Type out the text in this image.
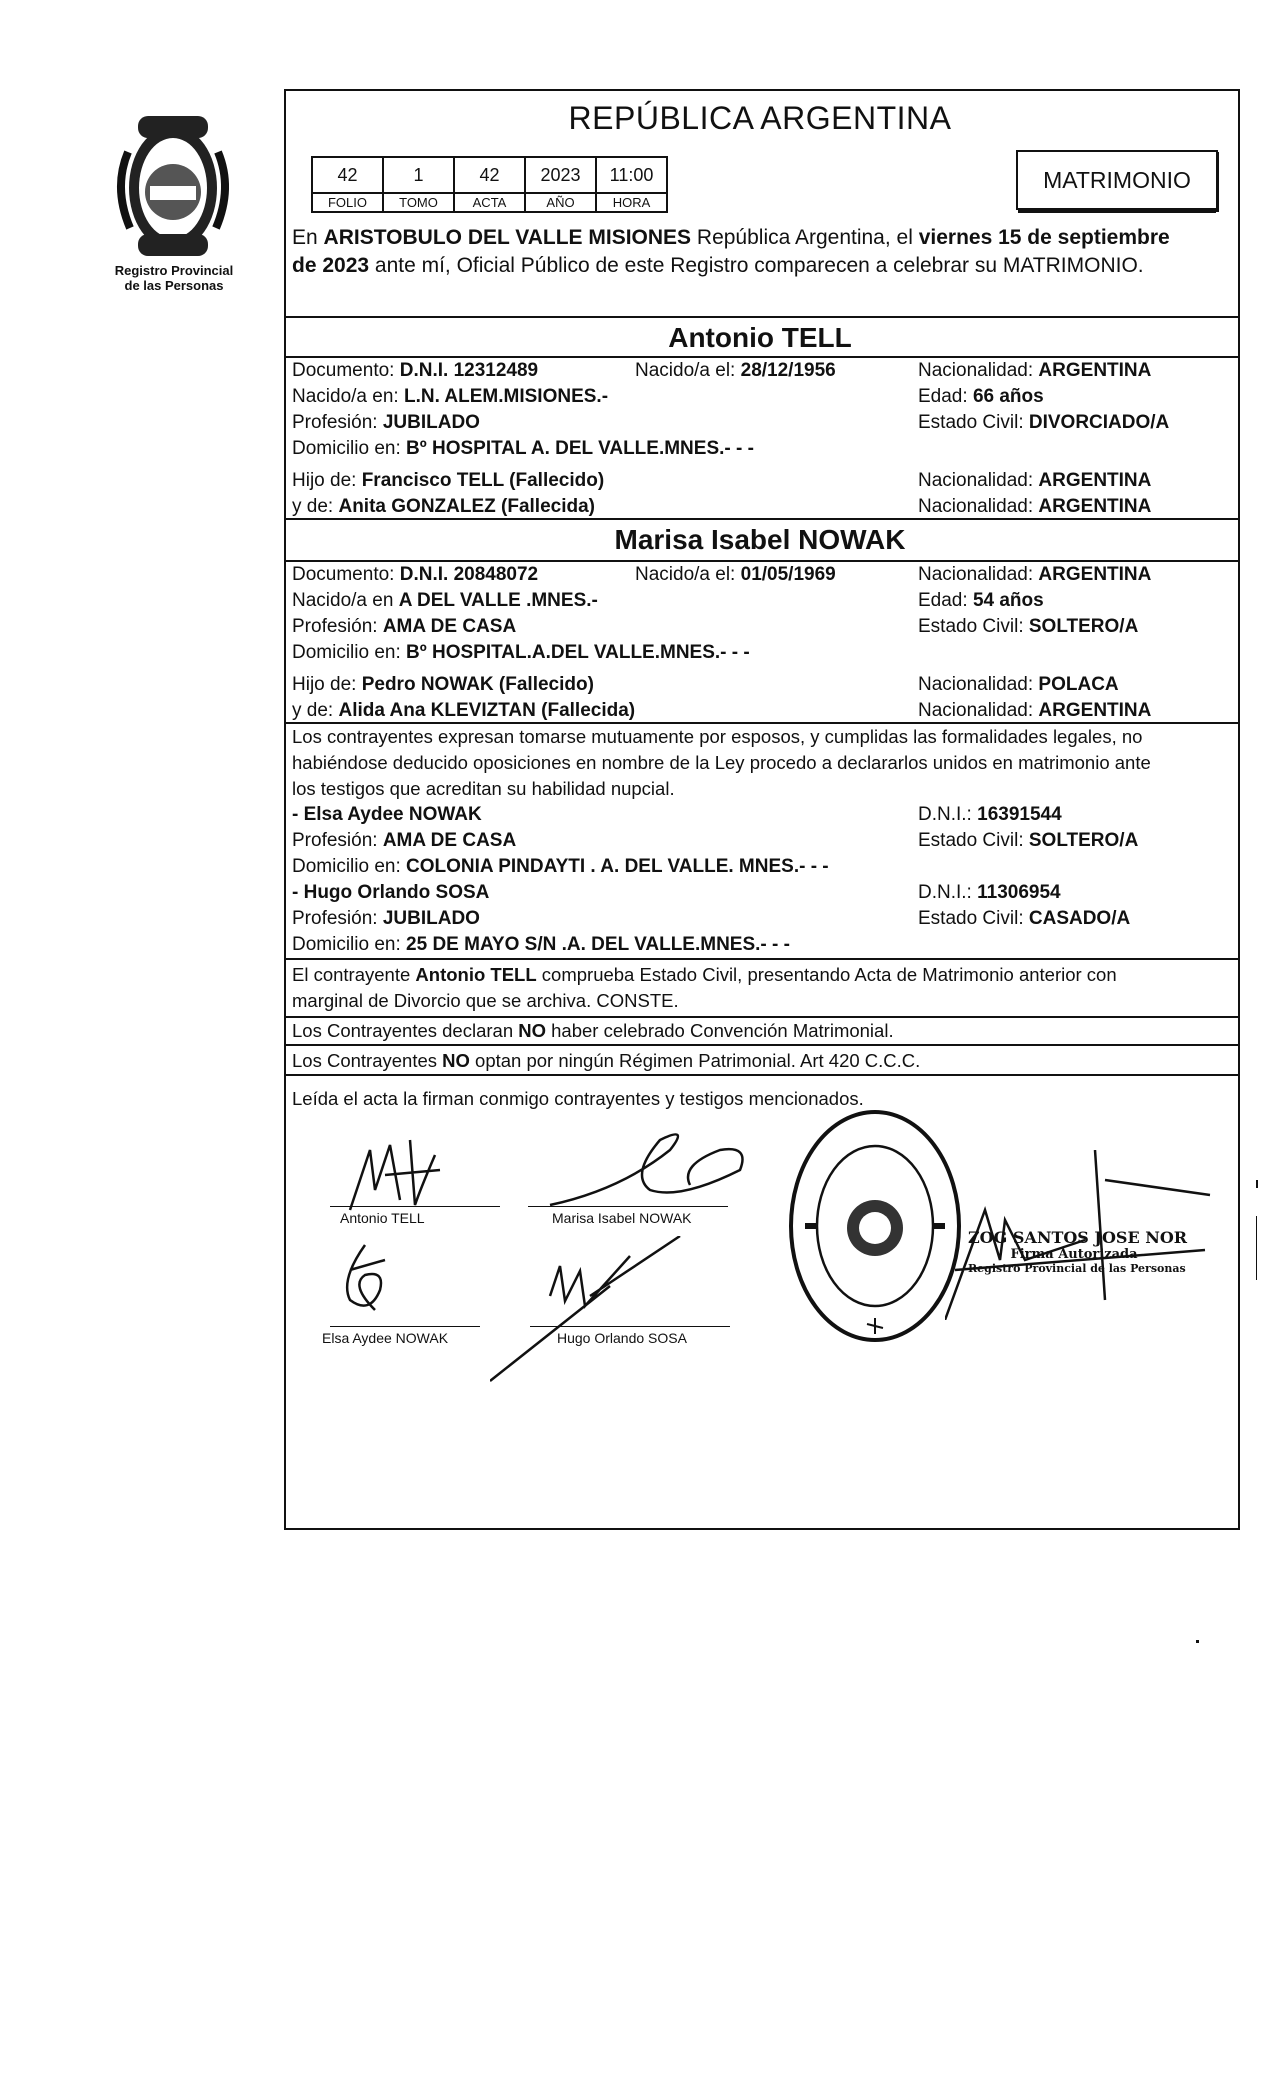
Registro Provincial
de las Personas
REPÚBLICA ARGENTINA
42	1	42	2023	11:00
FOLIO	TOMO	ACTA	AÑO	HORA
MATRIMONIO
En ARISTOBULO DEL VALLE MISIONES República Argentina, el viernes 15 de septiembre
de 2023 ante mí, Oficial Público de este Registro comparecen a celebrar su MATRIMONIO.
Antonio TELL
Documento: D.N.I. 12312489	Nacido/a el: 28/12/1956	Nacionalidad: ARGENTINA
Nacido/a en: L.N. ALEM.MISIONES.-	Edad: 66 años
Profesión: JUBILADO	Estado Civil: DIVORCIADO/A
Domicilio en: Bº HOSPITAL A. DEL VALLE.MNES.- - -
Hijo de: Francisco TELL (Fallecido)	Nacionalidad: ARGENTINA
y de: Anita GONZALEZ (Fallecida)	Nacionalidad: ARGENTINA
Marisa Isabel NOWAK
Documento: D.N.I. 20848072	Nacido/a el: 01/05/1969	Nacionalidad: ARGENTINA
Nacido/a en A DEL VALLE .MNES.-	Edad: 54 años
Profesión: AMA DE CASA	Estado Civil: SOLTERO/A
Domicilio en: Bº HOSPITAL.A.DEL VALLE.MNES.- - -
Hijo de: Pedro NOWAK (Fallecido)	Nacionalidad: POLACA
y de: Alida Ana KLEVIZTAN (Fallecida)	Nacionalidad: ARGENTINA
Los contrayentes expresan tomarse mutuamente por esposos, y cumplidas las formalidades legales, no
habiéndose deducido oposiciones en nombre de la Ley procedo a declararlos unidos en matrimonio ante
los testigos que acreditan su habilidad nupcial.
- Elsa Aydee NOWAK	D.N.I.: 16391544
Profesión: AMA DE CASA	Estado Civil: SOLTERO/A
Domicilio en: COLONIA PINDAYTI . A. DEL VALLE. MNES.- - -
- Hugo Orlando SOSA	D.N.I.: 11306954
Profesión: JUBILADO	Estado Civil: CASADO/A
Domicilio en: 25 DE MAYO S/N .A. DEL VALLE.MNES.- - -
El contrayente Antonio TELL comprueba Estado Civil, presentando Acta de Matrimonio anterior con
marginal de Divorcio que se archiva. CONSTE.
Los Contrayentes declaran NO haber celebrado Convención Matrimonial.
Los Contrayentes NO optan por ningún Régimen Patrimonial. Art 420 C.C.C.
Leída el acta la firman conmigo contrayentes y testigos mencionados.
Antonio TELL	Marisa Isabel NOWAK
Elsa Aydee NOWAK	Hugo Orlando SOSA
ZOG SANTOS JOSE NOR
Firma Autorizada
Registro Provincial de las Personas
